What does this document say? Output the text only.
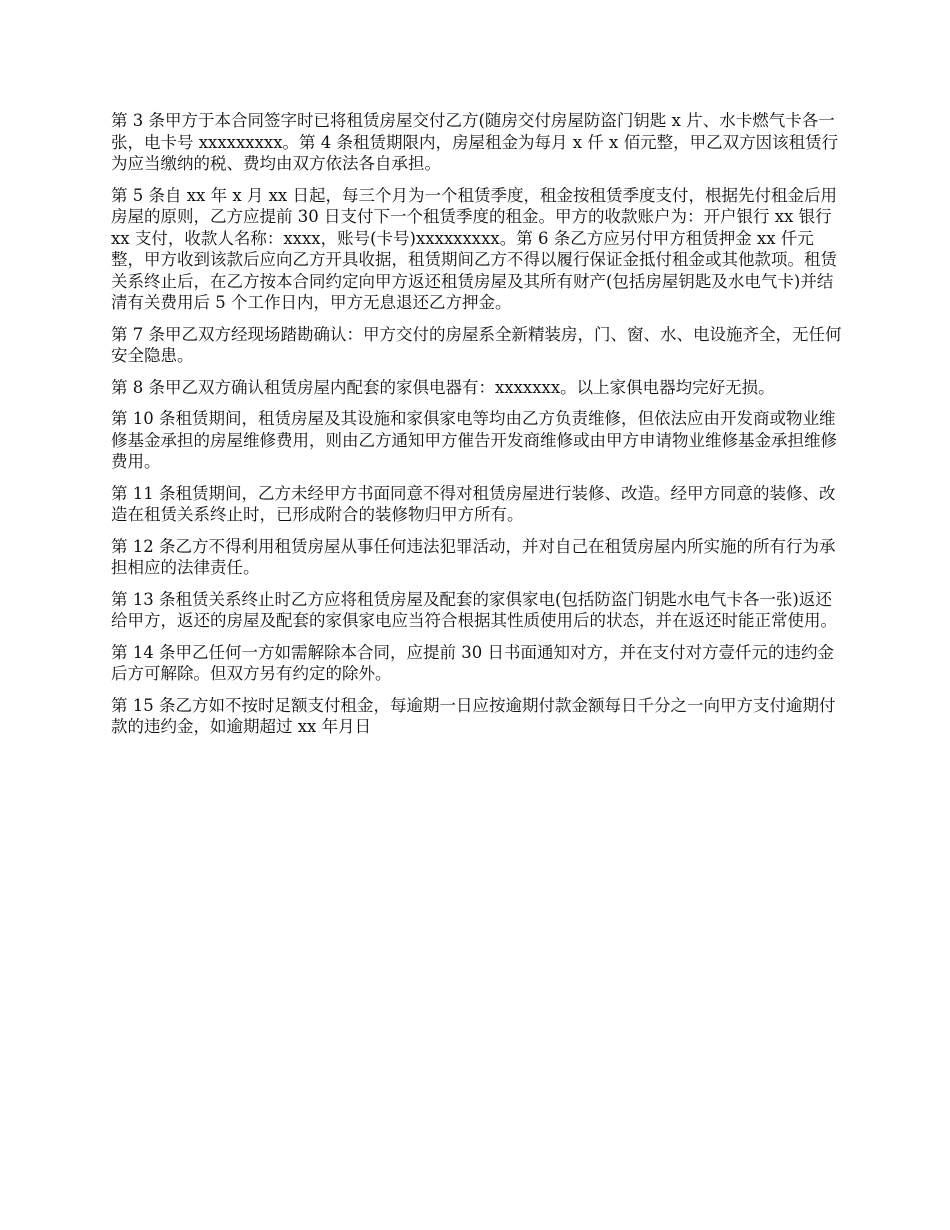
第 3 条甲方于本合同签字时已将租赁房屋交付乙方(随房交付房屋防盗门钥匙 x 片、水卡燃气卡各一张，电卡号 xxxxxxxxx。第 4 条租赁期限内，房屋租金为每月 x 仟 x 佰元整，甲乙双方因该租赁行为应当缴纳的税、费均由双方依法各自承担。

第 5 条自 xx 年 x 月 xx 日起，每三个月为一个租赁季度，租金按租赁季度支付，根据先付租金后用房屋的原则，乙方应提前 30 日支付下一个租赁季度的租金。甲方的收款账户为：开户银行 xx 银行 xx 支付，收款人名称：xxxx，账号(卡号)xxxxxxxxx。第 6 条乙方应另付甲方租赁押金 xx 仟元整，甲方收到该款后应向乙方开具收据，租赁期间乙方不得以履行保证金抵付租金或其他款项。租赁关系终止后，在乙方按本合同约定向甲方返还租赁房屋及其所有财产(包括房屋钥匙及水电气卡)并结清有关费用后 5 个工作日内，甲方无息退还乙方押金。

第 7 条甲乙双方经现场踏勘确认：甲方交付的房屋系全新精装房，门、窗、水、电设施齐全，无任何安全隐患。

第 8 条甲乙双方确认租赁房屋内配套的家俱电器有：xxxxxxx。以上家俱电器均完好无损。

第 10 条租赁期间，租赁房屋及其设施和家俱家电等均由乙方负责维修，但依法应由开发商或物业维修基金承担的房屋维修费用，则由乙方通知甲方催告开发商维修或由甲方申请物业维修基金承担维修费用。

第 11 条租赁期间，乙方未经甲方书面同意不得对租赁房屋进行装修、改造。经甲方同意的装修、改造在租赁关系终止时，已形成附合的装修物归甲方所有。

第 12 条乙方不得利用租赁房屋从事任何违法犯罪活动，并对自己在租赁房屋内所实施的所有行为承担相应的法律责任。

第 13 条租赁关系终止时乙方应将租赁房屋及配套的家俱家电(包括防盗门钥匙水电气卡各一张)返还给甲方，返还的房屋及配套的家俱家电应当符合根据其性质使用后的状态，并在返还时能正常使用。

第 14 条甲乙任何一方如需解除本合同，应提前 30 日书面通知对方，并在支付对方壹仟元的违约金后方可解除。但双方另有约定的除外。

第 15 条乙方如不按时足额支付租金，每逾期一日应按逾期付款金额每日千分之一向甲方支付逾期付款的违约金，如逾期超过 xx 年月日
